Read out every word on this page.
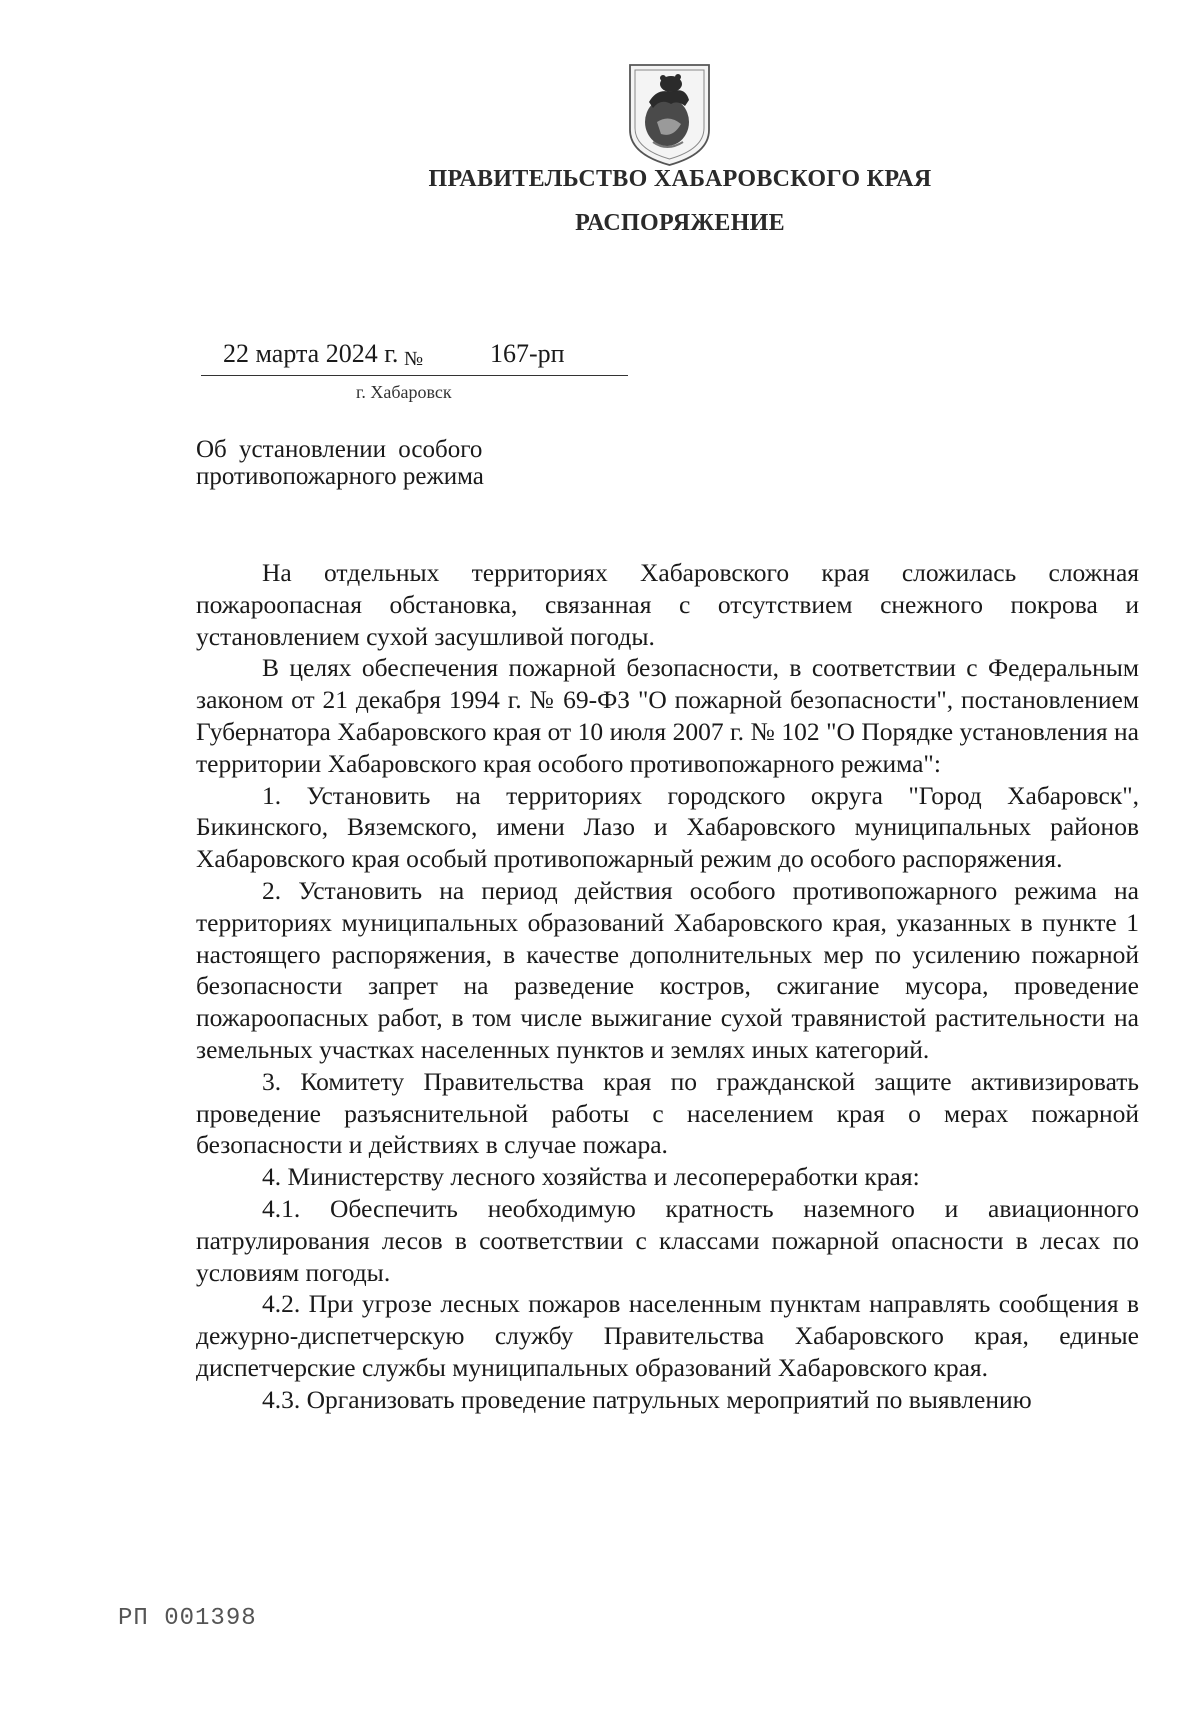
ПРАВИТЕЛЬСТВО ХАБАРОВСКОГО КРАЯ
РАСПОРЯЖЕНИЕ
22 марта 2024 г. №	167-рп
г. Хабаровск
Об установлении особого
противопожарного режима

На отдельных территориях Хабаровского края сложилась сложная пожароопасная обстановка, связанная с отсутствием снежного покрова и установлением сухой засушливой погоды.

В целях обеспечения пожарной безопасности, в соответствии с Федеральным законом от 21 декабря 1994 г. № 69-ФЗ "О пожарной безопасности", постановлением Губернатора Хабаровского края от 10 июля 2007 г. № 102 "О Порядке установления на территории Хабаровского края особого противопожарного режима":

1. Установить на территориях городского округа "Город Хабаровск", Бикинского, Вяземского, имени Лазо и Хабаровского муниципальных районов Хабаровского края особый противопожарный режим до особого распоряжения.

2. Установить на период действия особого противопожарного режима на территориях муниципальных образований Хабаровского края, указанных в пункте 1 настоящего распоряжения, в качестве дополнительных мер по усилению пожарной безопасности запрет на разведение костров, сжигание мусора, проведение пожароопасных работ, в том числе выжигание сухой травянистой растительности на земельных участках населенных пунктов и землях иных категорий.

3. Комитету Правительства края по гражданской защите активизировать проведение разъяснительной работы с населением края о мерах пожарной безопасности и действиях в случае пожара.

4. Министерству лесного хозяйства и лесопереработки края:

4.1. Обеспечить необходимую кратность наземного и авиационного патрулирования лесов в соответствии с классами пожарной опасности в лесах по условиям погоды.

4.2. При угрозе лесных пожаров населенным пунктам направлять сообщения в дежурно-диспетчерскую службу Правительства Хабаровского края, единые диспетчерские службы муниципальных образований Хабаровского края.

4.3. Организовать проведение патрульных мероприятий по выявлению

РП 001398
